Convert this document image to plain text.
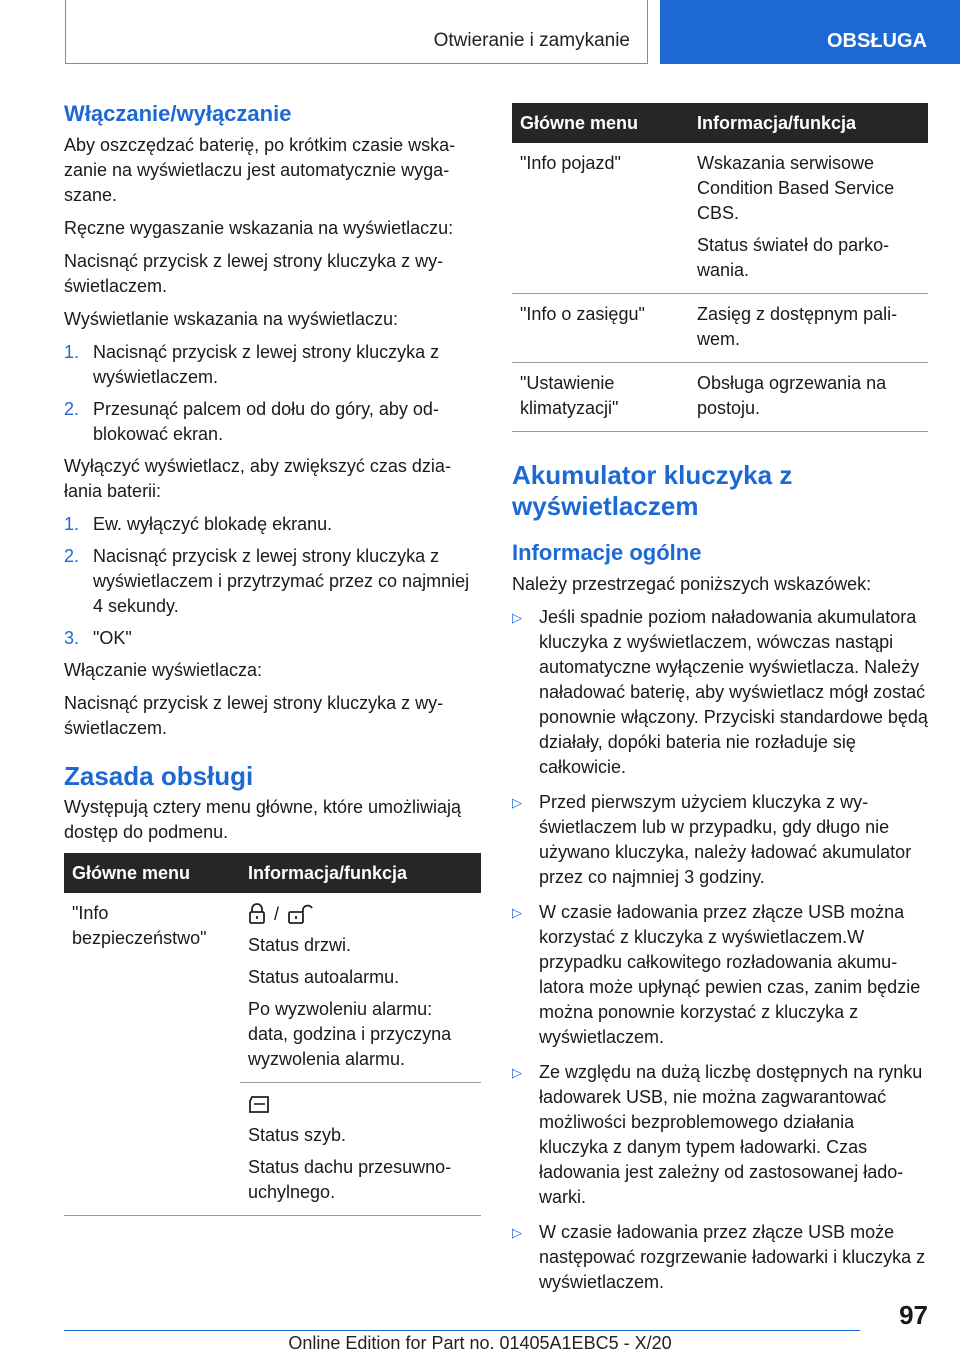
Otwieranie i zamykanie	OBSŁUGA
Włączanie/wyłączanie

Aby oszczędzać baterię, po krótkim czasie wskazanie na wyświetlaczu jest automatycznie wygaszane.

Ręczne wygaszanie wskazania na wyświetlaczu:

Nacisnąć przycisk z lewej strony kluczyka z wyświetlaczem.

Wyświetlanie wskazania na wyświetlaczu:

1. Nacisnąć przycisk z lewej strony kluczyka z wyświetlaczem.
2. Przesunąć palcem od dołu do góry, aby odblokować ekran.

Wyłączyć wyświetlacz, aby zwiększyć czas działania baterii:

1. Ew. wyłączyć blokadę ekranu.
2. Nacisnąć przycisk z lewej strony kluczyka z wyświetlaczem i przytrzymać przez co najmniej 4 sekundy.
3. "OK"

Włączanie wyświetlacza:

Nacisnąć przycisk z lewej strony kluczyka z wyświetlaczem.

Zasada obsługi

Występują cztery menu główne, które umożliwiają dostęp do podmenu.

Główne menu	Informacja/funkcja
"Info bezpieczeństwo"	/

Status drzwi.

Status autoalarmu.

Po wyzwoleniu alarmu: data, godzina i przyczyna wyzwolenia alarmu.

	Status szyb.

Status dachu przesuwno-uchylnego.

Główne menu	Informacja/funkcja
"Info pojazd"	Wskazania serwisowe Condition Based Service CBS.

Status świateł do parkowania.

"Info o zasięgu"	Zasięg z dostępnym paliwem.

"Ustawienie klimatyzacji"	Obsługa ogrzewania na postoju.

Akumulator kluczyka z wyświetlaczem
Informacje ogólne

Należy przestrzegać poniższych wskazówek:

▷ Jeśli spadnie poziom naładowania akumulatora kluczyka z wyświetlaczem, wówczas nastąpi automatyczne wyłączenie wyświetlacza. Należy naładować baterię, aby wyświetlacz mógł zostać ponownie włączony. Przyciski standardowe będą działały, dopóki bateria nie rozładuje się całkowicie.
▷ Przed pierwszym użyciem kluczyka z wyświetlaczem lub w przypadku, gdy długo nie używano kluczyka, należy ładować akumulator przez co najmniej 3 godziny.
▷ W czasie ładowania przez złącze USB można korzystać z kluczyka z wyświetlaczem.W przypadku całkowitego rozładowania akumulatora może upłynąć pewien czas, zanim będzie można ponownie korzystać z kluczyka z wyświetlaczem.
▷ Ze względu na dużą liczbę dostępnych na rynku ładowarek USB, nie można zagwarantować możliwości bezproblemowego działania kluczyka z danym typem ładowarki. Czas ładowania jest zależny od zastosowanej ładowarki.
▷ W czasie ładowania przez złącze USB może następować rozgrzewanie ładowarki i kluczyka z wyświetlaczem.
97
Online Edition for Part no. 01405A1EBC5 - X/20
